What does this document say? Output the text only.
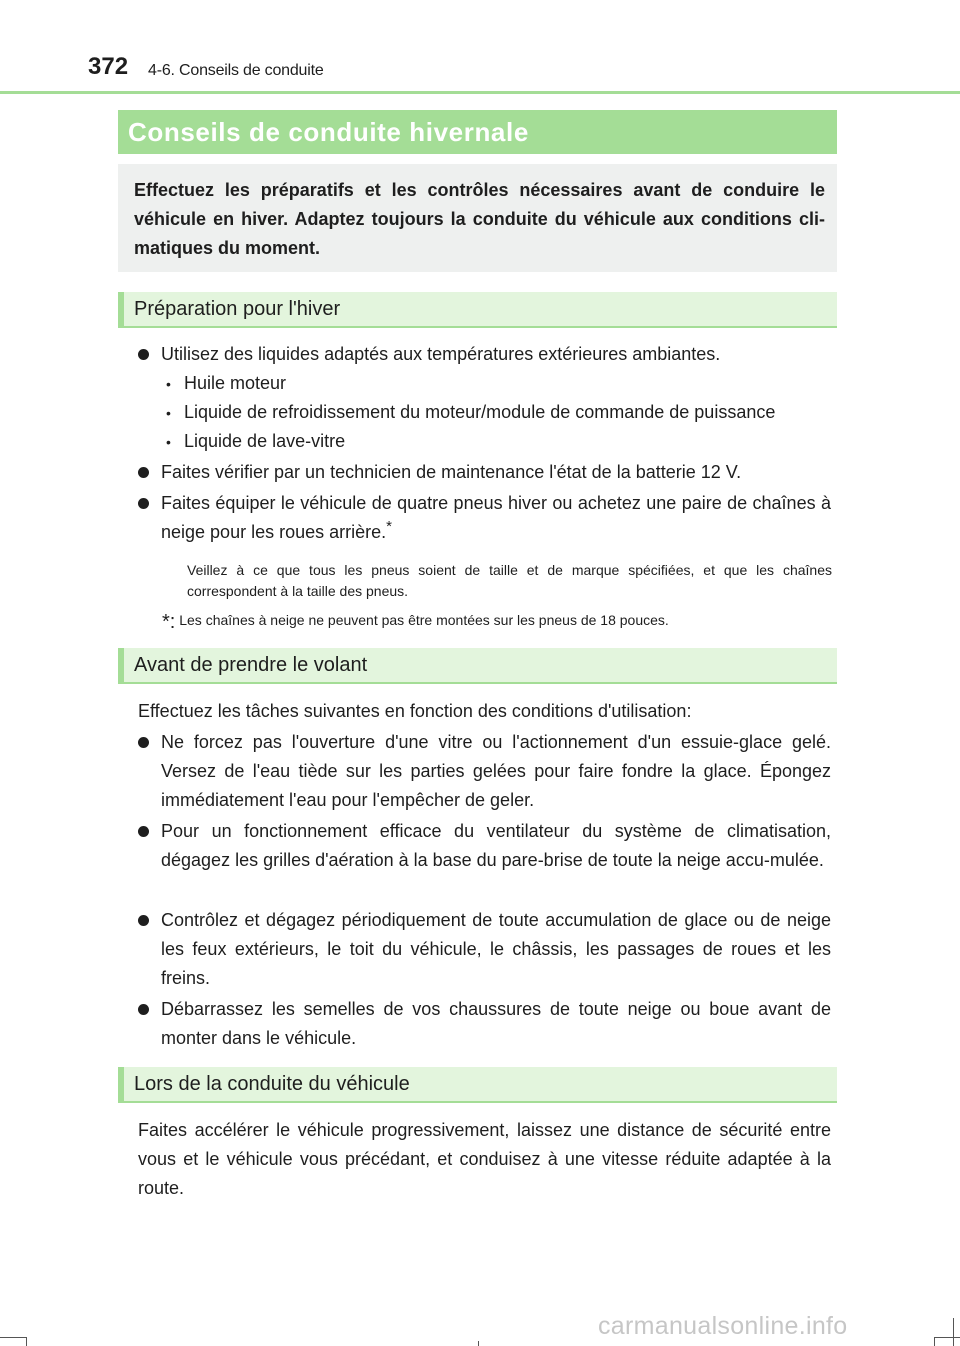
372 4-6. Conseils de conduite
Conseils de conduite hivernale
Effectuez les préparatifs et les contrôles nécessaires avant de conduire le véhicule en hiver. Adaptez toujours la conduite du véhicule aux conditions cli-matiques du moment.
Préparation pour l'hiver
Utilisez des liquides adaptés aux températures extérieures ambiantes.
• Huile moteur
• Liquide de refroidissement du moteur/module de commande de puissance
• Liquide de lave-vitre
Faites vérifier par un technicien de maintenance l'état de la batterie 12 V.
Faites équiper le véhicule de quatre pneus hiver ou achetez une paire de chaînes à neige pour les roues arrière.*
Veillez à ce que tous les pneus soient de taille et de marque spécifiées, et que les chaînes correspondent à la taille des pneus.
*: Les chaînes à neige ne peuvent pas être montées sur les pneus de 18 pouces.
Avant de prendre le volant
Effectuez les tâches suivantes en fonction des conditions d'utilisation:
Ne forcez pas l'ouverture d'une vitre ou l'actionnement d'un essuie-glace gelé. Versez de l'eau tiède sur les parties gelées pour faire fondre la glace. Épongez immédiatement l'eau pour l'empêcher de geler.
Pour un fonctionnement efficace du ventilateur du système de climatisation, dégagez les grilles d'aération à la base du pare-brise de toute la neige accu-mulée.
Contrôlez et dégagez périodiquement de toute accumulation de glace ou de neige les feux extérieurs, le toit du véhicule, le châssis, les passages de roues et les freins.
Débarrassez les semelles de vos chaussures de toute neige ou boue avant de monter dans le véhicule.
Lors de la conduite du véhicule
Faites accélérer le véhicule progressivement, laissez une distance de sécurité entre vous et le véhicule vous précédant, et conduisez à une vitesse réduite adaptée à la route.
carmanualsonline.info
